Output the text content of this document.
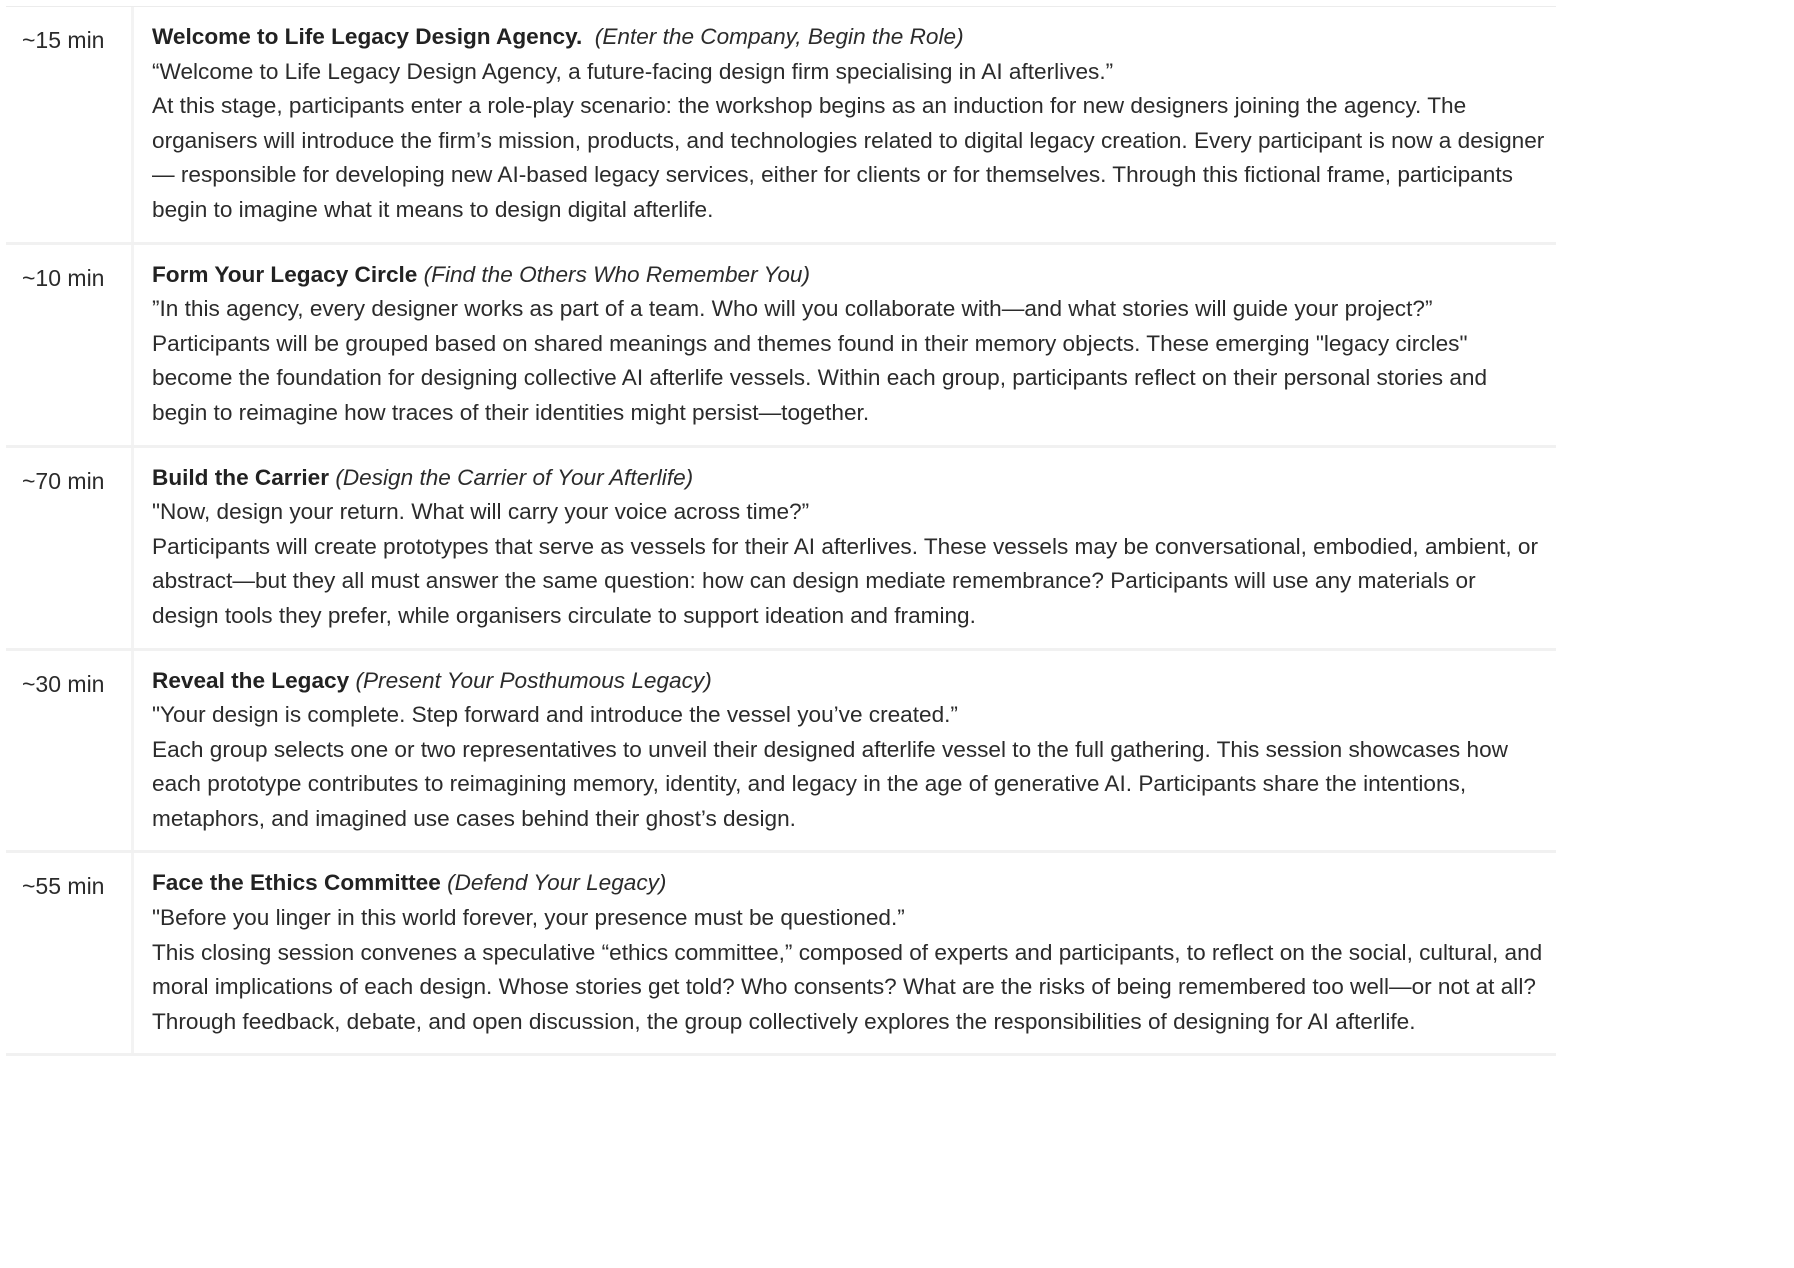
~15 min	Welcome to Life Legacy Design Agency. (Enter the Company, Begin the Role)

“Welcome to Life Legacy Design Agency, a future-facing design firm specialising in AI afterlives.”

At this stage, participants enter a role-play scenario: the workshop begins as an induction for new designers joining the agency. The organisers will introduce the firm’s mission, products, and technologies related to digital legacy creation. Every participant is now a designer — responsible for developing new AI-based legacy services, either for clients or for themselves. Through this fictional frame, participants begin to imagine what it means to design digital afterlife.

~10 min	Form Your Legacy Circle (Find the Others Who Remember You)

”In this agency, every designer works as part of a team. Who will you collaborate with—and what stories will guide your project?”

Participants will be grouped based on shared meanings and themes found in their memory objects. These emerging "legacy circles" become the foundation for designing collective AI afterlife vessels. Within each group, participants reflect on their personal stories and begin to reimagine how traces of their identities might persist—together.

~70 min	Build the Carrier (Design the Carrier of Your Afterlife)

"Now, design your return. What will carry your voice across time?”

Participants will create prototypes that serve as vessels for their AI afterlives. These vessels may be conversational, embodied, ambient, or abstract—but they all must answer the same question: how can design mediate remembrance? Participants will use any materials or design tools they prefer, while organisers circulate to support ideation and framing.

~30 min	Reveal the Legacy (Present Your Posthumous Legacy)

"Your design is complete. Step forward and introduce the vessel you’ve created.”

Each group selects one or two representatives to unveil their designed afterlife vessel to the full gathering. This session showcases how each prototype contributes to reimagining memory, identity, and legacy in the age of generative AI. Participants share the intentions, metaphors, and imagined use cases behind their ghost’s design.

~55 min	Face the Ethics Committee (Defend Your Legacy)

"Before you linger in this world forever, your presence must be questioned.”

This closing session convenes a speculative “ethics committee,” composed of experts and participants, to reflect on the social, cultural, and moral implications of each design. Whose stories get told? Who consents? What are the risks of being remembered too well—or not at all? Through feedback, debate, and open discussion, the group collectively explores the responsibilities of designing for AI afterlife.
